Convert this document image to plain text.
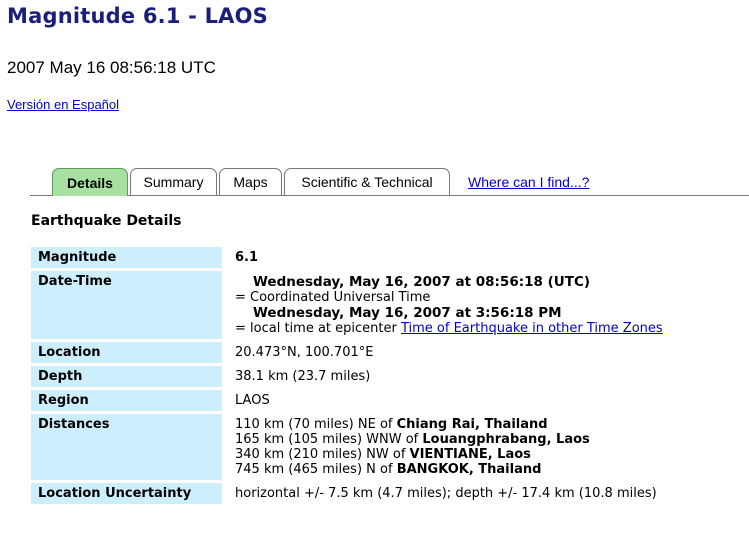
Magnitude 6.1 - LAOS
2007 May 16 08:56:18 UTC
Versión en Español
Details	Summary	Maps	Scientific & Technical	Where can I find...?
Earthquake Details
Magnitude	6.1
Date-Time	Wednesday, May 16, 2007 at 08:56:18 (UTC)
= Coordinated Universal Time
Wednesday, May 16, 2007 at 3:56:18 PM
= local time at epicenter Time of Earthquake in other Time Zones

Location	20.473°N, 100.701°E
Depth	38.1 km (23.7 miles)
Region	LAOS
Distances	110 km (70 miles) NE of Chiang Rai, Thailand
165 km (105 miles) WNW of Louangphrabang, Laos
340 km (210 miles) NW of VIENTIANE, Laos
745 km (465 miles) N of BANGKOK, Thailand

Location Uncertainty	horizontal +/- 7.5 km (4.7 miles); depth +/- 17.4 km (10.8 miles)
